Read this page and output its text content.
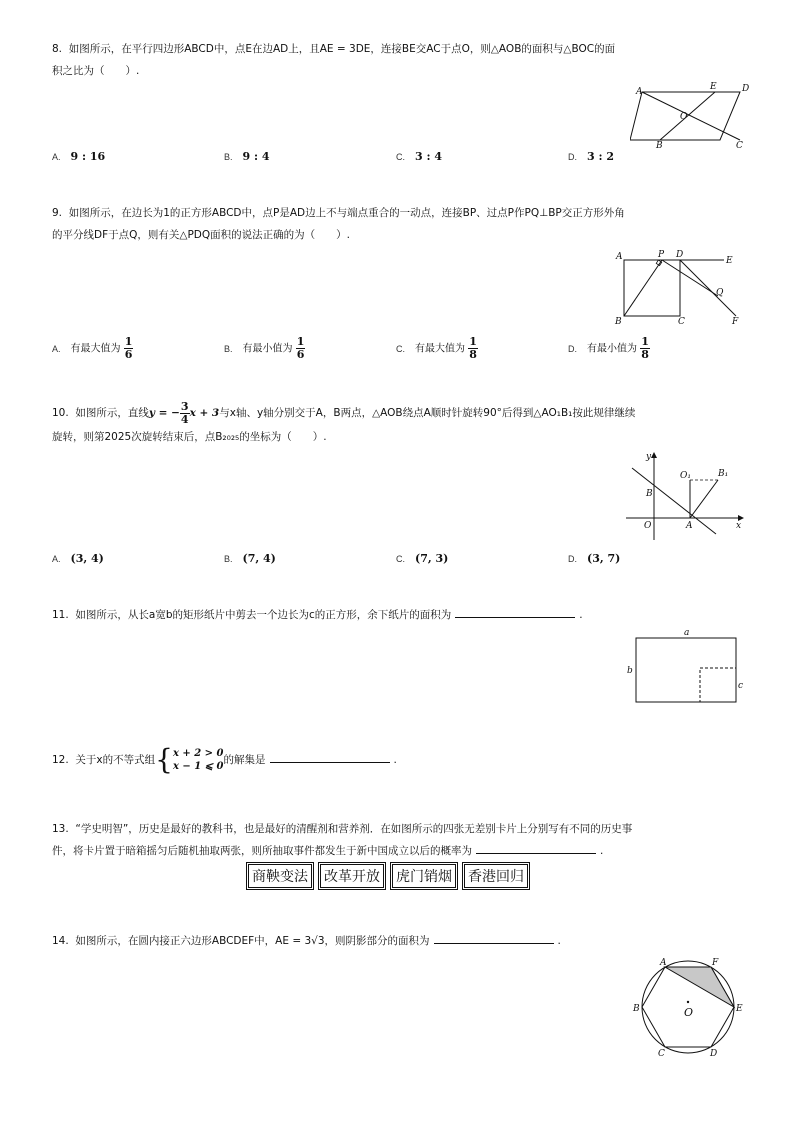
8. 如图所示，在平行四边形ABCD中，点E在边AD上，且AE = 3DE，连接BE交AC于点O，则△AOB的面积与△BOC的面

积之比为（　　）.

A	E	D
O
B	C
A. 9 : 16	B. 9 : 4	C. 3 : 4	D. 3 : 2

9. 如图所示，在边长为1的正方形ABCD中，点P是AD边上不与端点重合的一动点，连接BP、过点P作PQ⊥BP交正方形外角

的平分线DF于点Q，则有关△PDQ面积的说法正确的为（　　）.

A	P D
E
Q
B	C	F
A. 有最大值为 $\frac{1}{6}$	B. 有最小值为 $\frac{1}{6}$	C. 有最大值为 $\frac{1}{8}$	D. 有最小值为 $\frac{1}{8}$

10. 如图所示，直线y = − $\frac{3}{4}$ x + 3与x轴、y轴分别交于A，B两点，△AOB绕点A顺时针旋转90°后得到△AO₁B₁按此规律继续

旋转，则第2025次旋转结束后，点B₂₀₂₅的坐标为（　　）.

y
x
O	A
B
O₁	B₁
A. (3, 4)	B. (7, 4)	C. (7, 3)	D. (3, 7)

11. 如图所示，从长a宽b的矩形纸片中剪去一个边长为c的正方形，余下纸片的面积为	.

a
b
c

12. 关于x的不等式组{ x + 2 > 0
x − 1 ⩽ 0
的解集是	.

13. “学史明智”，历史是最好的教科书，也是最好的清醒剂和营养剂．在如图所示的四张无差别卡片上分别写有不同的历史事

件，将卡片置于暗箱摇匀后随机抽取两张，则所抽取事件都发生于新中国成立以后的概率为	.

商鞅变法 改革开放 虎门销烟 香港回归

14. 如图所示，在圆内接正六边形ABCDEF中，AE = 3√3，则阴影部分的面积为	.

A	F
B	E
C	D
O
